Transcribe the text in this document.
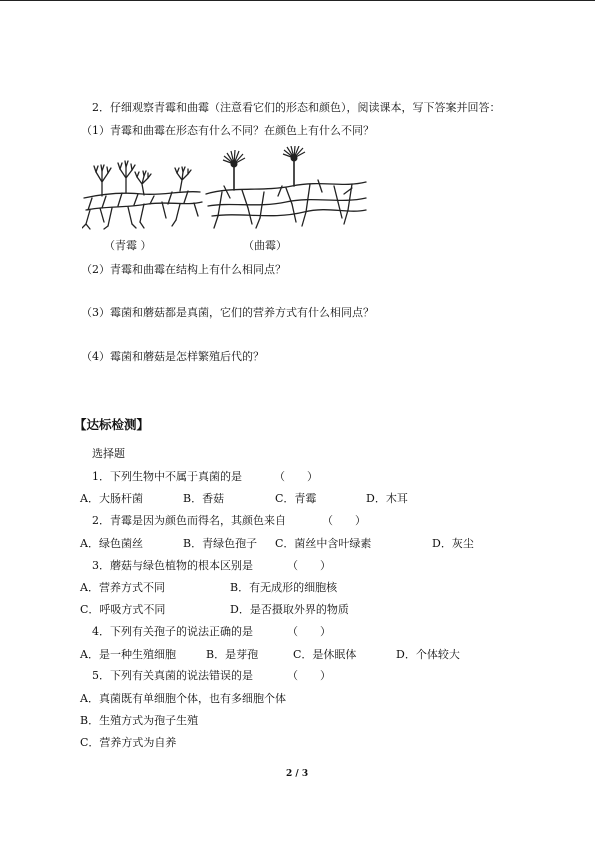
2．仔细观察青霉和曲霉（注意看它们的形态和颜色），阅读课本，写下答案并回答：
（1）青霉和曲霉在形态有什么不同？在颜色上有什么不同？
（青霉 ）	（曲霉）
（2）青霉和曲霉在结构上有什么相同点？
（3）霉菌和蘑菇都是真菌，它们的营养方式有什么相同点？
（4）霉菌和蘑菇是怎样繁殖后代的？
【达标检测】
选择题
1．下列生物中不属于真菌的是	（　　）
A．大肠杆菌	B．香菇	C．青霉	D．木耳
2．青霉是因为颜色而得名，其颜色来自	（　　）
A．绿色菌丝	B．青绿色孢子 C．菌丝中含叶绿素	D．灰尘
3．蘑菇与绿色植物的根本区别是	（　　）
A．营养方式不同	B．有无成形的细胞核
C．呼吸方式不同	D．是否摄取外界的物质
4．下列有关孢子的说法正确的是	（　　）
A．是一种生殖细胞	B．是芽孢	C．是休眠体	D．个体较大
5．下列有关真菌的说法错误的是	（　　）
A．真菌既有单细胞个体，也有多细胞个体
B．生殖方式为孢子生殖
C．营养方式为自养
2 / 3
